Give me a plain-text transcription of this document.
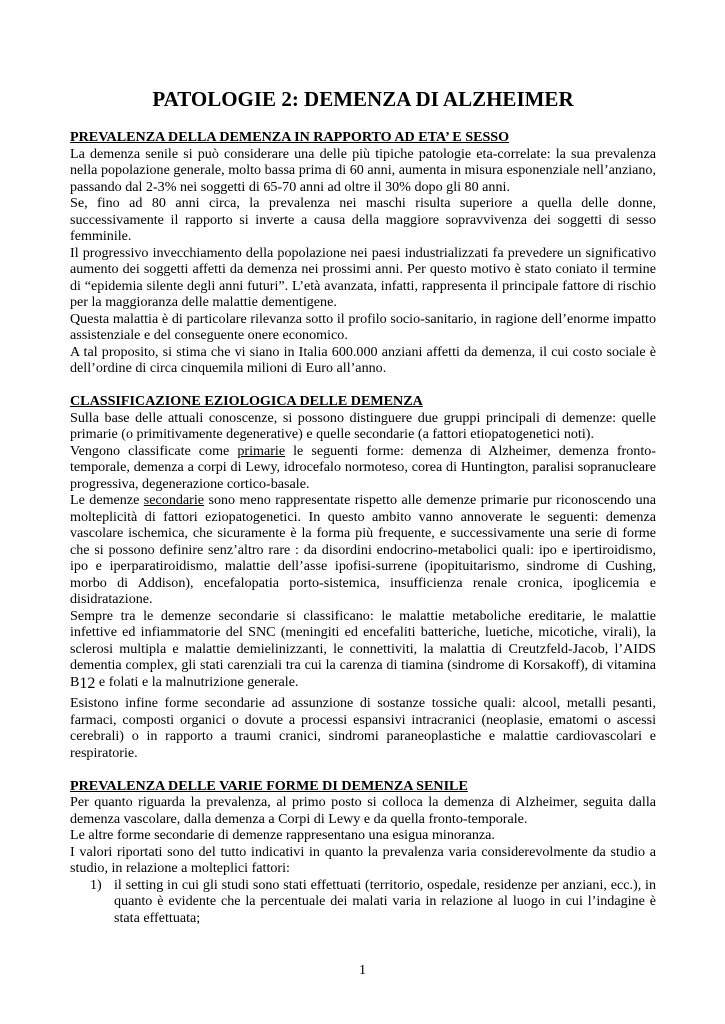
PATOLOGIE 2: DEMENZA DI ALZHEIMER
PREVALENZA DELLA DEMENZA IN RAPPORTO AD ETA’ E SESSO

La demenza senile si può considerare una delle più tipiche patologie eta-correlate: la sua prevalenza nella popolazione generale, molto bassa prima di 60 anni, aumenta in misura esponenziale nell’anziano, passando dal 2-3% nei soggetti di 65-70 anni ad oltre il 30% dopo gli 80 anni.

Se, fino ad 80 anni circa, la prevalenza nei maschi risulta superiore a quella delle donne, successivamente il rapporto si inverte a causa della maggiore sopravvivenza dei soggetti di sesso femminile.

Il progressivo invecchiamento della popolazione nei paesi industrializzati fa prevedere un significativo aumento dei soggetti affetti da demenza nei prossimi anni. Per questo motivo è stato coniato il termine di “epidemia silente degli anni futuri”. L’età avanzata, infatti, rappresenta il principale fattore di rischio per la maggioranza delle malattie dementigene.

Questa malattia è di particolare rilevanza sotto il profilo socio-sanitario, in ragione dell’enorme impatto assistenziale e del conseguente onere economico.

A tal proposito, si stima che vi siano in Italia 600.000 anziani affetti da demenza, il cui costo sociale è dell’ordine di circa cinquemila milioni di Euro all’anno.

CLASSIFICAZIONE EZIOLOGICA DELLE DEMENZA

Sulla base delle attuali conoscenze, si possono distinguere due gruppi principali di demenze: quelle primarie (o primitivamente degenerative) e quelle secondarie (a fattori etiopatogenetici noti).

Vengono classificate come primarie le seguenti forme: demenza di Alzheimer, demenza fronto-temporale, demenza a corpi di Lewy, idrocefalo normoteso, corea di Huntington, paralisi sopranucleare progressiva, degenerazione cortico-basale.

Le demenze secondarie sono meno rappresentate rispetto alle demenze primarie pur riconoscendo una molteplicità di fattori eziopatogenetici. In questo ambito vanno annoverate le seguenti: demenza vascolare ischemica, che sicuramente è la forma più frequente, e successivamente una serie di forme che si possono definire senz’altro rare : da disordini endocrino-metabolici quali: ipo e ipertiroidismo, ipo e iperparatiroidismo, malattie dell’asse ipofisi-surrene (ipopituitarismo, sindrome di Cushing, morbo di Addison), encefalopatia porto-sistemica, insufficienza renale cronica, ipoglicemia e disidratazione.

Sempre tra le demenze secondarie si classificano: le malattie metaboliche ereditarie, le malattie infettive ed infiammatorie del SNC (meningiti ed encefaliti batteriche, luetiche, micotiche, virali), la sclerosi multipla e malattie demielinizzanti, le connettiviti, la malattia di Creutzfeld-Jacob, l’AIDS dementia complex, gli stati carenziali tra cui la carenza di tiamina (sindrome di Korsakoff), di vitamina B12 e folati e la malnutrizione generale.

Esistono infine forme secondarie ad assunzione di sostanze tossiche quali: alcool, metalli pesanti, farmaci, composti organici o dovute a processi espansivi intracranici (neoplasie, ematomi o ascessi cerebrali) o in rapporto a traumi cranici, sindromi paraneoplastiche e malattie cardiovascolari e respiratorie.

PREVALENZA DELLE VARIE FORME DI DEMENZA SENILE

Per quanto riguarda la prevalenza, al primo posto si colloca la demenza di Alzheimer, seguita dalla demenza vascolare, dalla demenza a Corpi di Lewy e da quella fronto-temporale.

Le altre forme secondarie di demenze rappresentano una esigua minoranza.

I valori riportati sono del tutto indicativi in quanto la prevalenza varia considerevolmente da studio a studio, in relazione a molteplici fattori:

1) il setting in cui gli studi sono stati effettuati (territorio, ospedale, residenze per anziani, ecc.), in quanto è evidente che la percentuale dei malati varia in relazione al luogo in cui l’indagine è stata effettuata;
1
